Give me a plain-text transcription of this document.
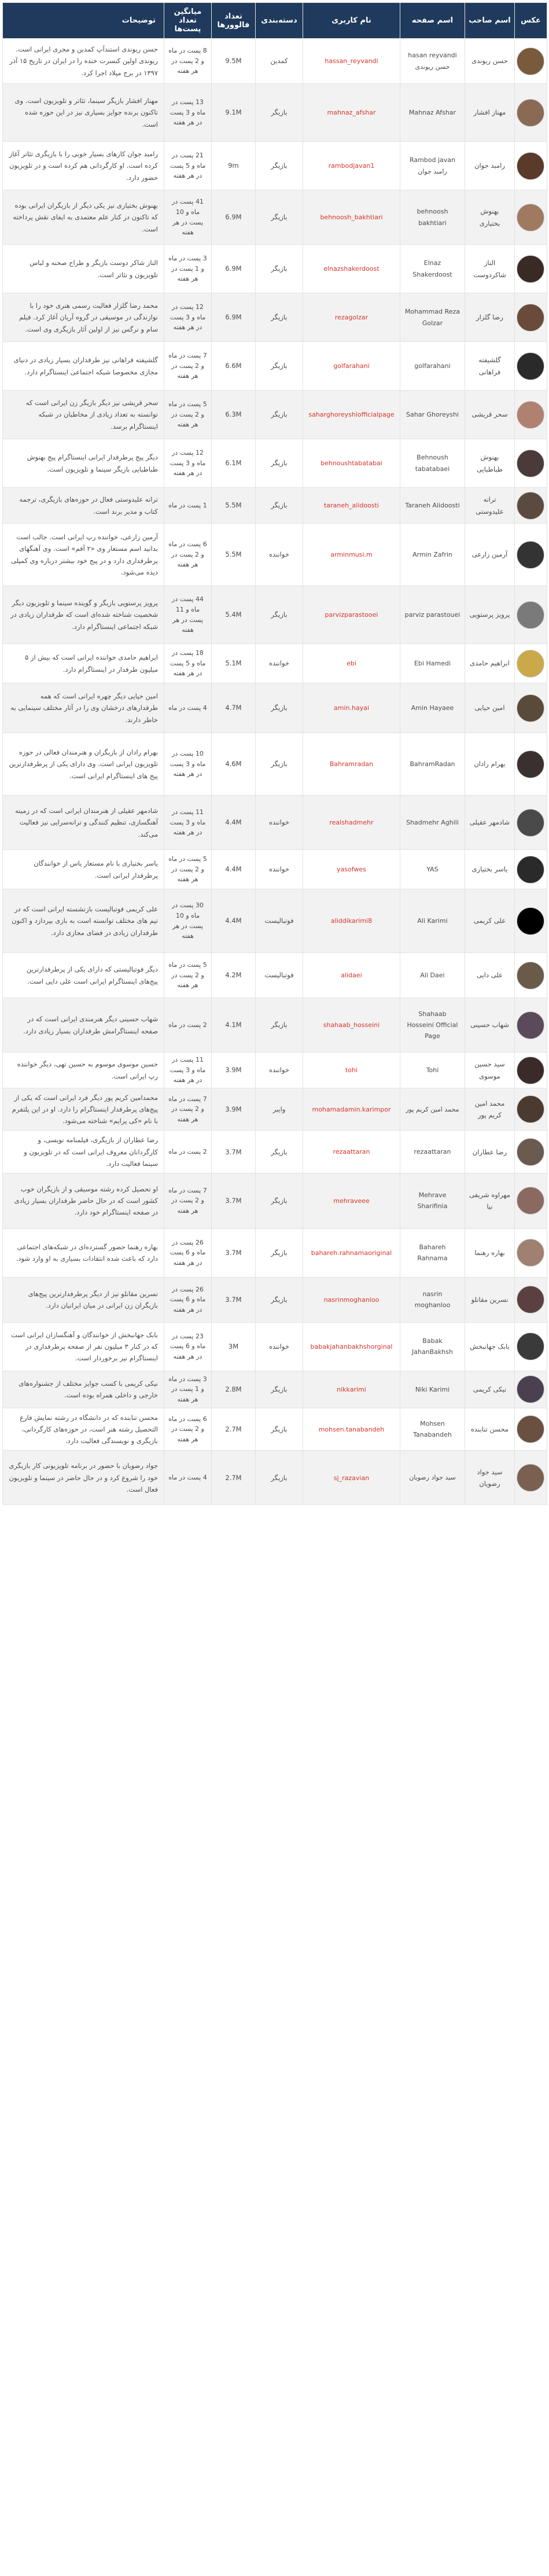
عکس	اسم صاحب	اسم صفحه	نام کاربری	دسته‌بندی	تعداد فالوورها	میانگین تعداد پست‌ها	توضیحات

	حسن ریوندی	hasan reyvandi حسن ریوندی	hassan_reyvandi	کمدین	9.5M	8 پست در ماه و 2 پست در هر هفته	حسن ریوندی استندآپ کمدین و مجری ایرانی است. ریوندی اولین کنسرت خنده را در ایران در تاریخ ۱۵ آذر ۱۳۹۷ در برج میلاد اجرا کرد.

	مهناز افشار	Mahnaz Afshar	mahnaz_afshar	بازیگر	9.1M	13 پست در ماه و 3 پست در هر هفته	مهناز افشار بازیگر سینما، تئاتر و تلویزیون است. وی تاکنون برنده جوایز بسیاری نیز در این حوزه شده است.

	رامبد جوان	Rambod javan رامبد جوان	rambodjavan1	بازیگر	9m	21 پست در ماه و 5 پست در هر هفته	رامبد جوان کارهای بسیار خوبی را با بازیگری تئاتر آغاز کرده است. او کارگردانی هم کرده است و در تلویزیون حضور دارد.

	بهنوش بختیاری	behnoosh bakhtiari	behnoosh_bakhtiari	بازیگر	6.9M	41 پست در ماه و 10 پست در هر هفته	بهنوش بختیاری نیز یکی دیگر از بازیگران ایرانی بوده که تاکنون در کنار علم معتمدی به ایفای نقش پرداخته است.

	الناز شاکردوست	Elnaz Shakerdoost	elnazshakerdoost	بازیگر	6.9M	3 پست در ماه و 1 پست در هر هفته	الناز شاکر دوست بازیگر و طراح صحنه و لباس تلویزیون و تئاتر است.

	رضا گلزار	Mohammad Reza Golzar	rezagolzar	بازیگر	6.9M	12 پست در ماه و 3 پست در هر هفته	محمد رضا گلزار فعالیت رسمی هنری خود را با نوازندگی در موسیقی در گروه آریان آغاز کرد. فیلم سام و نرگس نیز از اولین آثار بازیگری وی است.

	گلشیفته فراهانی	golfarahani	golfarahani	بازیگر	6.6M	7 پست در ماه و 2 پست در هر هفته	گلشیفته فراهانی نیز طرفداران بسیار زیادی در دنیای مجازی مخصوصا شبکه اجتماعی اینستاگرام دارد.

	سحر قریشی	Sahar Ghoreyshi	saharghoreyshiofficialpage	بازیگر	6.3M	5 پست در ماه و 2 پست در هر هفته	سحر قریشی نیز دیگر بازیگر زن ایرانی است که توانسته به تعداد زیادی از مخاطبان در شبکه اینستاگرام برسد.

	بهنوش طباطبایی	Behnoush tabatabaei	behnoushtabatabai	بازیگر	6.1M	12 پست در ماه و 3 پست در هر هفته	دیگر پیج پرطرفدار ایرانی اینستاگرام پیج بهنوش طباطبایی بازیگر سینما و تلویزیون است.

	ترانه علیدوستی	Taraneh Alidoosti	taraneh_alidoosti	بازیگر	5.5M	1 پست در ماه	ترانه علیدوستی فعال در حوزه‌های بازیگری، ترجمه کتاب و مدیر برند است.

	آرمین زارعی	Armin Zafrin	arminmusi.m	خواننده	5.5M	6 پست در ماه و 2 پست در هر هفته	آرمین زارعی، خواننده رپ ایرانی است. جالب است بدانید اسم مستعار وی «۲ آفم» است. وی آهنگهای پرطرفداری دارد و در پیج خود بیشتر درباره وی کمپلی دیده می‌شود.

	پرویز پرستویی	parviz parastouei	parvizparastooei	بازیگر	5.4M	44 پست در ماه و 11 پست در هر هفته	پرویز پرستویی بازیگر و گوینده سینما و تلویزیون دیگر شخصیت شناخته شده‌ای است که طرفداران زیادی در شبکه اجتماعی اینستاگرام دارد.

	ابراهیم حامدی	Ebi Hamedi	ebi	خواننده	5.1M	18 پست در ماه و 5 پست در هر هفته	ابراهیم حامدی خواننده ایرانی است که بیش از ۵ میلیون طرفدار در اینستاگرام دارد.

	امین حیایی	Amin Hayaee	amin.hayai	بازیگر	4.7M	4 پست در ماه	امین حیایی دیگر چهره ایرانی است که همه طرفدارهای درخشان وی را در آثار مختلف سینمایی به خاطر دارند.

	بهرام رادان	BahramRadan	Bahramradan	بازیگر	4.6M	10 پست در ماه و 3 پست در هر هفته	بهرام رادان از بازیگران و هنرمندان فعالی در حوزه تلویزیون ایرانی است. وی دارای یکی از پرطرفدارترین پیج های اینستاگرام ایرانی است.

	شادمهر عقیلی	Shadmehr Aghili	realshadmehr	خواننده	4.4M	11 پست در ماه و 3 پست در هر هفته	شادمهر عقیلی از هنرمندان ایرانی است که در زمینه آهنگسازی، تنظیم کنندگی و ترانه‌سرایی نیز فعالیت می‌کند.

	یاسر بختیاری	YAS	yasofwes	خواننده	4.4M	5 پست در ماه و 2 پست در هر هفته	یاسر بختیاری با نام مستعار یاس از خوانندگان پرطرفدار ایرانی است.

	علی کریمی	Ali Karimi	aliddikarimi8	فوتبالیست	4.4M	30 پست در ماه و 10 پست در هر هفته	علی کریمی فوتبالیست بازنشسته ایرانی است که در تیم های مختلف توانسته است به بازی بپردازد و اکنون طرفداران زیادی در فضای مجازی دارد.

	علی دایی	Ali Daei	alidaei	فوتبالیست	4.2M	5 پست در ماه و 2 پست در هر هفته	دیگر فوتبالیستی که دارای یکی از پرطرفدارترین پیج‌های اینستاگرام ایرانی است علی دایی است.

	شهاب حسینی	Shahaab Hosseini Official Page	shahaab_hosseini	بازیگر	4.1M	2 پست در ماه	شهاب حسینی دیگر هنرمندی ایرانی است که در صفحه اینستاگرامش طرفداران بسیار زیادی دارد.

	سید حسین موسوی	Tohi	tohi	خواننده	3.9M	11 پست در ماه و 3 پست در هر هفته	حسین موسوی موسوم به حسین تهی، دیگر خواننده رپ ایرانی است.

	محمد امین کریم پور	محمد امین کریم پور	mohamadamin.karimpor	وایبر	3.9M	7 پست در ماه و 2 پست در هر هفته	محمدامین کریم پور دیگر فرد ایرانی است که یکی از پیج‌های پرطرفدار اینستاگرام را دارد. او در این پلتفرم با نام «کی پرایم» شناخته می‌شود.

	رضا عطاران	rezaattaran	rezaattaran	بازیگر	3.7M	2 پست در ماه	رضا عطاران از بازیگری، فیلمنامه نویسی، و کارگردانان معروف ایرانی است که در تلویزیون و سینما فعالیت دارد.

	مهراوه شریفی نیا	Mehrave Sharifinia	mehraveee	بازیگر	3.7M	7 پست در ماه و 2 پست در هر هفته	او تحصیل کرده رشته موسیقی و از بازیگران خوب کشور است که در حال حاضر طرفداران بسیار زیادی در صفحه اینستاگرام خود دارد.

	بهاره رهنما	Bahareh Rahnama	bahareh.rahnamaoriginal	بازیگر	3.7M	26 پست در ماه و 6 پست در هر هفته	بهاره رهنما حضور گسترده‌ای در شبکه‌های اجتماعی دارد که باعث شده انتقادات بسیاری به او وارد شود.

	نسرین مقانلو	nasrin moghanloo	nasrinmoghanloo	بازیگر	3.7M	26 پست در ماه و 6 پست در هر هفته	نسرین مقانلو نیز از دیگر پرطرفدارترین پیج‌های بازیگران زن ایرانی در میان ایرانیان دارد.

	بابک جهانبخش	Babak JahanBakhsh	babakjahanbakhshorginal	خواننده	3M	23 پست در ماه و 6 پست در هر هفته	بابک جهانبخش از خوانندگان و آهنگسازان ایرانی است که در کنار ۳ میلیون نفر از صفحه پرطرفداری در اینستاگرام نیز برخوردار است.

	نیکی کریمی	Niki Karimi	nikkarimi	بازیگر	2.8M	3 پست در ماه و 1 پست در هر هفته	نیکی کریمی با کسب جوایز مختلف از جشنواره‌های خارجی و داخلی همراه بوده است.

	محسن تنابنده	Mohsen Tanabandeh	mohsen.tanabandeh	بازیگر	2.7M	6 پست در ماه و 2 پست در هر هفته	محسن تنابنده که در دانشگاه در رشته نمایش فارغ التحصیل رشته هنر است، در حوزه‌های کارگردانی، بازیگری و نویسندگی فعالیت دارد.

	سید جواد رضویان	سید جواد رضویان	sj_razavian	بازیگر	2.7M	4 پست در ماه	جواد رضویان با حضور در برنامه تلویزیونی کار بازیگری خود را شروع کرد و در حال حاضر در سینما و تلویزیون فعال است.
